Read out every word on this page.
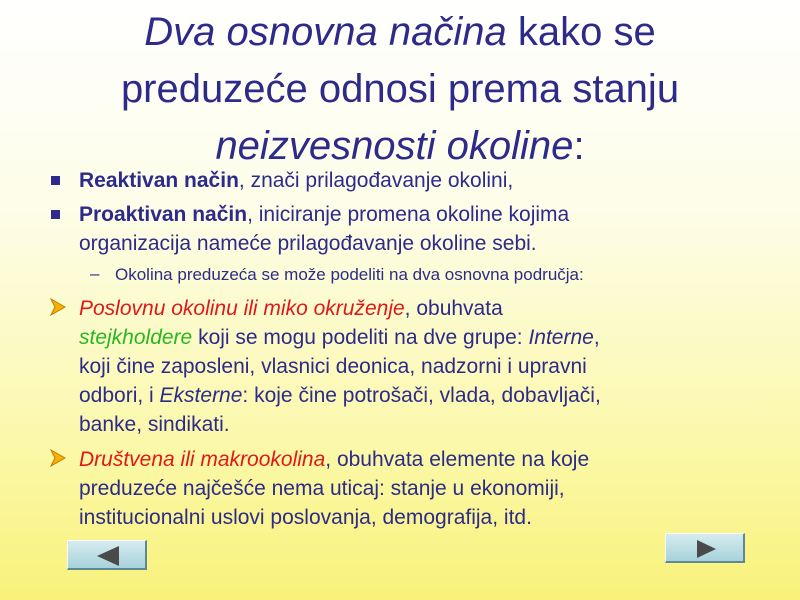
Dva osnovna načina kako se
preduzeće odnosi prema stanju
neizvesnosti okoline:
Reaktivan način, znači prilagođavanje okolini,
Proaktivan način, iniciranje promena okoline kojima
organizacija nameće prilagođavanje okoline sebi.
– Okolina preduzeća se može podeliti na dva osnovna područja:
Poslovnu okolinu ili miko okruženje, obuhvata
stejkholdere koji se mogu podeliti na dve grupe: Interne,
koji čine zaposleni, vlasnici deonica, nadzorni i upravni
odbori, i Eksterne: koje čine potrošači, vlada, dobavljači,
banke, sindikati.
Društvena ili makrookolina, obuhvata elemente na koje
preduzeće najčešće nema uticaj: stanje u ekonomiji,
institucionalni uslovi poslovanja, demografija, itd.
